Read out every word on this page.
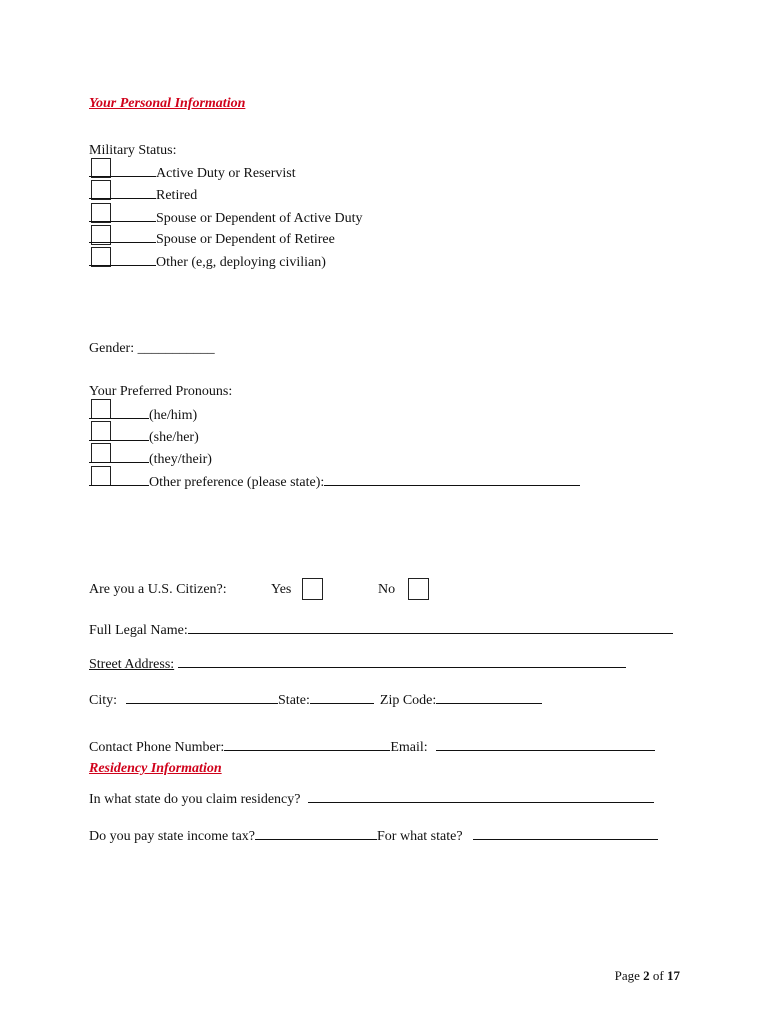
Your Personal Information
Military Status:
Active Duty or Reservist
Retired
Spouse or Dependent of Active Duty
Spouse or Dependent of Retiree
Other (e,g, deploying civilian)
Gender: ___________
Your Preferred Pronouns:
(he/him)
(she/her)
(they/their)
Other preference (please state):
Are you a U.S. Citizen?:	Yes	No
Full Legal Name:
Street Address:
City:	State:	Zip Code:
Contact Phone Number:	Email:
Residency Information
In what state do you claim residency?
Do you pay state income tax?	For what state?
Page 2 of 17
